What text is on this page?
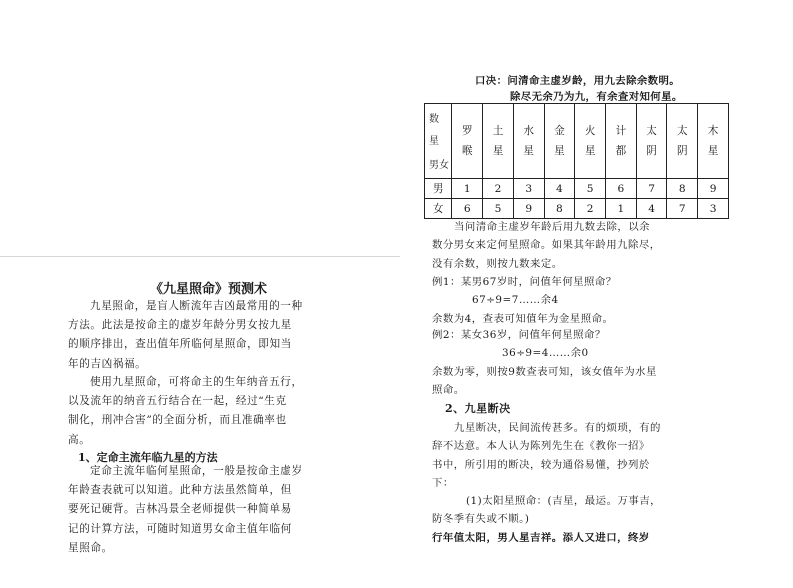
《九星照命》预测术
九星照命，是盲人断流年吉凶最常用的一种
方法。此法是按命主的虚岁年龄分男女按九星
的顺序排出，查出值年所临何星照命，即知当
年的吉凶祸福。
使用九星照命，可将命主的生年纳音五行，
以及流年的纳音五行结合在一起，经过“生克
制化，刑冲合害”的全面分析，而且准确率也
高。
1、定命主流年临九星的方法
定命主流年临何星照命，一般是按命主虚岁
年龄查表就可以知道。此种方法虽然简单，但
要死记硬背。吉林冯景全老师提供一种简单易
记的计算方法，可随时知道男女命主值年临何
星照命。
口决：问清命主虚岁龄，用九去除余数明。
除尽无余乃为九，有余查对知何星。
数
星
男女	罗喉	土星	水星	金星	火星	计都	太阴	太阴	木星
男	1	2	3	4	5	6	7	8	9
女	6	5	9	8	2	1	4	7	3
当问清命主虚岁年龄后用九数去除，以余
数分男女来定何星照命。如果其年龄用九除尽，
没有余数，则按九数来定。
例1：某男67岁时，问值年何星照命？
67÷9=7……余4
余数为4，查表可知值年为金星照命。
例2：某女36岁，问值年何星照命？
36÷9=4……余0
余数为零，则按9数查表可知，该女值年为水星
照命。
2、九星断决
九星断决，民间流传甚多。有的烦琐，有的
辞不达意。本人认为陈列先生在《教你一招》
书中，所引用的断决，较为通俗易懂，抄列於
下：
(1)太阳星照命：(吉星，最运。万事吉，
防冬季有失或不顺。)
行年值太阳，男人星吉祥。添人又进口，终岁
